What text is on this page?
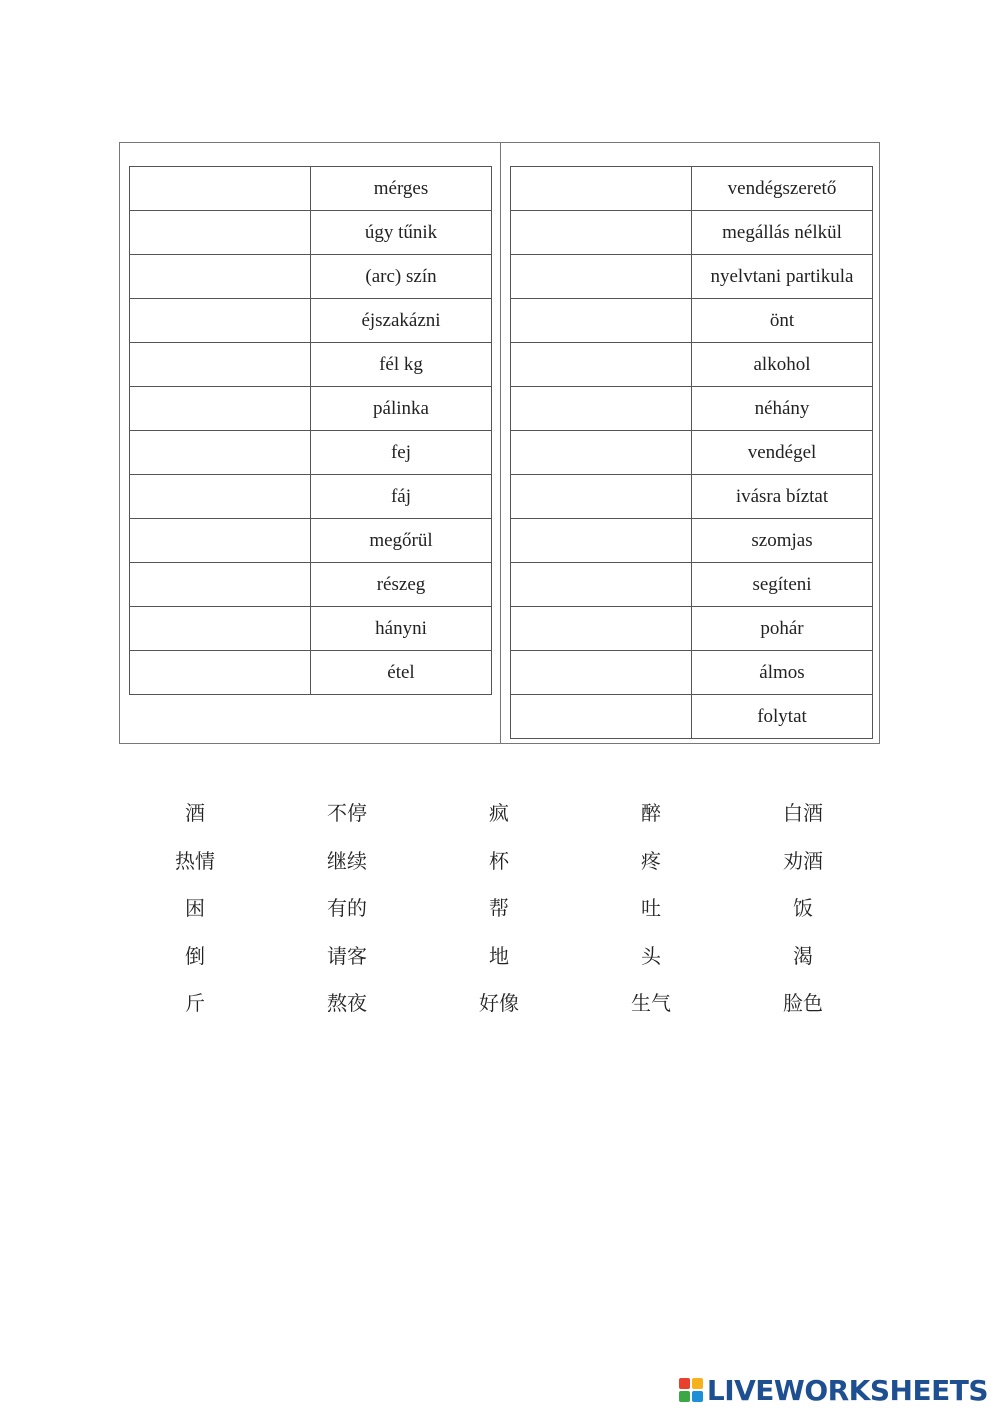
	mérges
	úgy tűnik
	(arc) szín
	éjszakázni
	fél kg
	pálinka
	fej
	fáj
	megőrül
	részeg
	hányni
	étel
	vendégszerető
	megállás nélkül
	nyelvtani partikula
	önt
	alkohol
	néhány
	vendégel
	ivásra bíztat
	szomjas
	segíteni
	pohár
	álmos
	folytat
酒	不停	疯	醉	白酒
热情	继续	杯	疼	劝酒
困	有的	帮	吐	饭
倒	请客	地	头	渴
斤	熬夜	好像	生气	脸色
LIVEWORKSHEETS
